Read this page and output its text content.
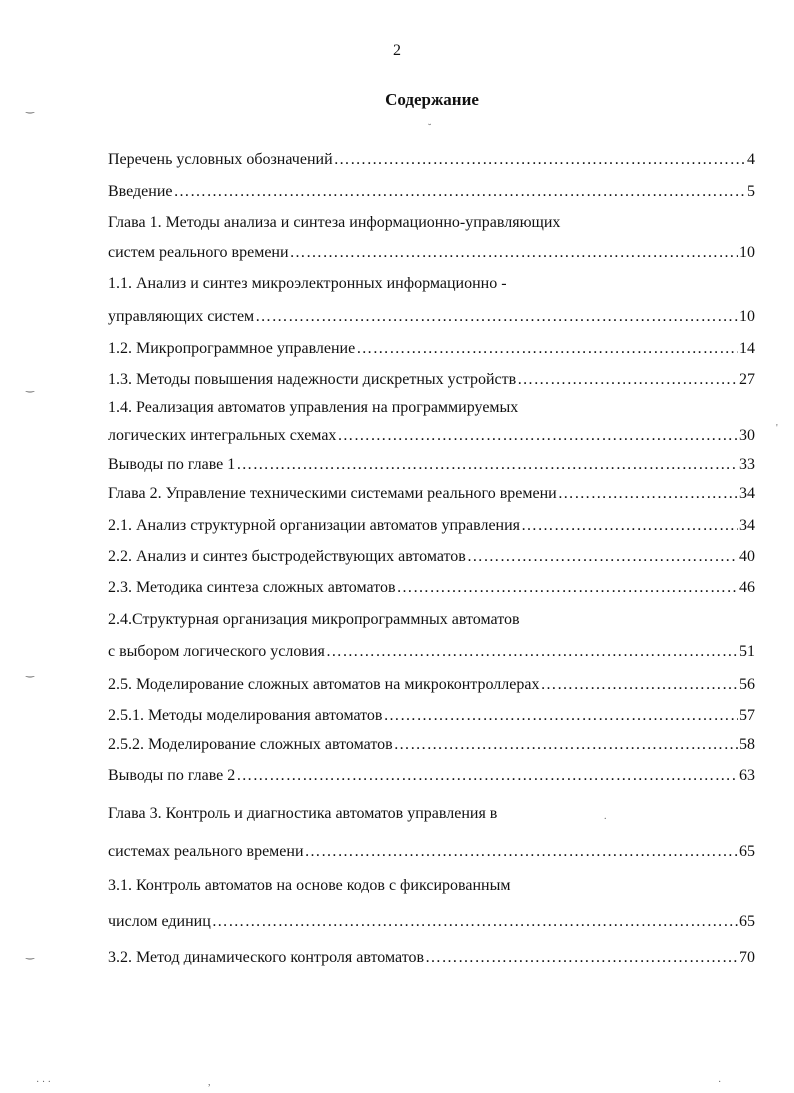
2
Содержание
Перечень условных обозначений …………………………………………………………………………………………………………………………………………………………………………………………………………	4
Введение …………………………………………………………………………………………………………………………………………………………………………………………………………	5
Глава 1. Методы анализа и синтеза информационно-управляющих
систем реального времени …………………………………………………………………………………………………………………………………………………………………………………………………………	10
1.1. Анализ и синтез микроэлектронных информационно -
управляющих систем …………………………………………………………………………………………………………………………………………………………………………………………………………	10
1.2. Микропрограммное управление …………………………………………………………………………………………………………………………………………………………………………………………………………	14
1.3. Методы повышения надежности дискретных устройств …………………………………………………………………………………………………………………………………………………………………………………………………………	27
1.4. Реализация автоматов управления на программируемых
логических интегральных схемах …………………………………………………………………………………………………………………………………………………………………………………………………………	30
Выводы по главе 1 …………………………………………………………………………………………………………………………………………………………………………………………………………	33
Глава 2. Управление техническими системами реального времени …………………………………………………………………………………………………………………………………………………………………………………………………………	34
2.1. Анализ структурной организации автоматов управления …………………………………………………………………………………………………………………………………………………………………………………………………………	34
2.2. Анализ и синтез быстродействующих автоматов …………………………………………………………………………………………………………………………………………………………………………………………………………	40
2.3. Методика синтеза сложных автоматов …………………………………………………………………………………………………………………………………………………………………………………………………………	46
2.4.Структурная организация микропрограммных автоматов
с выбором логического условия …………………………………………………………………………………………………………………………………………………………………………………………………………	51
2.5. Моделирование сложных автоматов на микроконтроллерах …………………………………………………………………………………………………………………………………………………………………………………………………………	56
2.5.1. Методы моделирования автоматов …………………………………………………………………………………………………………………………………………………………………………………………………………	57
2.5.2. Моделирование сложных автоматов …………………………………………………………………………………………………………………………………………………………………………………………………………	58
Выводы по главе 2 …………………………………………………………………………………………………………………………………………………………………………………………………………	63
Глава 3. Контроль и диагностика автоматов управления в
системах реального времени …………………………………………………………………………………………………………………………………………………………………………………………………………	65
3.1. Контроль автоматов на основе кодов с фиксированным
числом единиц …………………………………………………………………………………………………………………………………………………………………………………………………………	65
3.2. Метод динамического контроля автоматов …………………………………………………………………………………………………………………………………………………………………………………………………………	70
‿
‿
‿
‿
˘
.
'
· · ·	,	·
